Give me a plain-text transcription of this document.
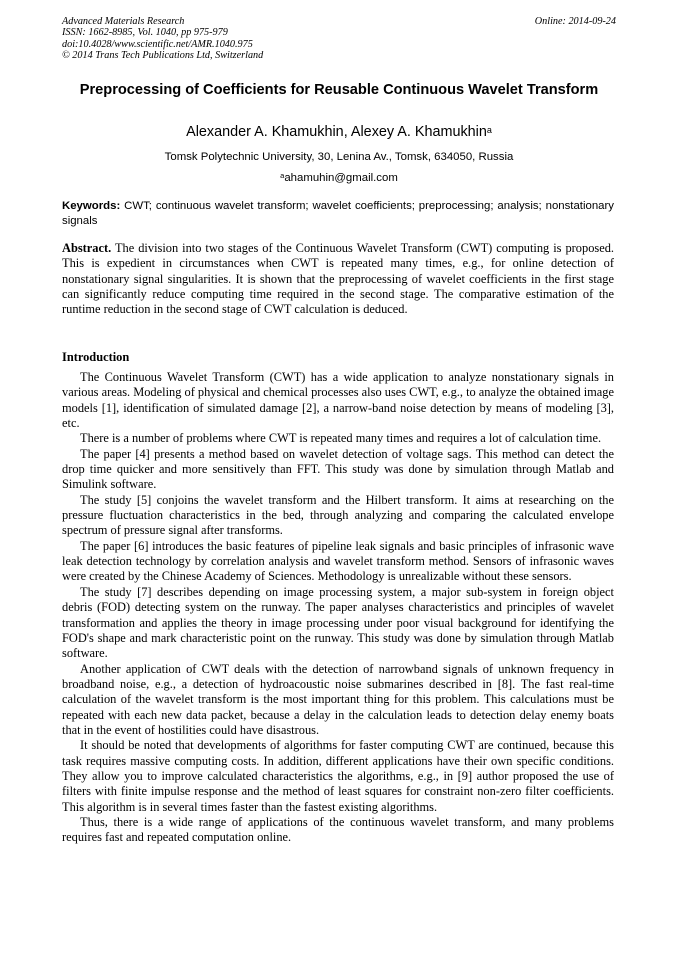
Advanced Materials Research
ISSN: 1662-8985, Vol. 1040, pp 975-979
doi:10.4028/www.scientific.net/AMR.1040.975
© 2014 Trans Tech Publications Ltd, Switzerland
Online: 2014-09-24
Preprocessing of Coefficients for Reusable Continuous Wavelet Transform
Alexander A. Khamukhin, Alexey A. Khamukhin$^a$
Tomsk Polytechnic University, 30, Lenina Av., Tomsk, 634050, Russia
$^a$ahamuhin@gmail.com
Keywords: CWT; continuous wavelet transform; wavelet coefficients; preprocessing; analysis; nonstationary signals
Abstract. The division into two stages of the Continuous Wavelet Transform (CWT) computing is proposed. This is expedient in circumstances when CWT is repeated many times, e.g., for online detection of nonstationary signal singularities. It is shown that the preprocessing of wavelet coefficients in the first stage can significantly reduce computing time required in the second stage. The comparative estimation of the runtime reduction in the second stage of CWT calculation is deduced.
Introduction

The Continuous Wavelet Transform (CWT) has a wide application to analyze nonstationary signals in various areas. Modeling of physical and chemical processes also uses CWT, e.g., to analyze the obtained image models [1], identification of simulated damage [2], a narrow-band noise detection by means of modeling [3], etc.

There is a number of problems where CWT is repeated many times and requires a lot of calculation time.

The paper [4] presents a method based on wavelet detection of voltage sags. This method can detect the drop time quicker and more sensitively than FFT. This study was done by simulation through Matlab and Simulink software.

The study [5] conjoins the wavelet transform and the Hilbert transform. It aims at researching on the pressure fluctuation characteristics in the bed, through analyzing and comparing the calculated envelope spectrum of pressure signal after transforms.

The paper [6] introduces the basic features of pipeline leak signals and basic principles of infrasonic wave leak detection technology by correlation analysis and wavelet transform method. Sensors of infrasonic waves were created by the Chinese Academy of Sciences. Methodology is unrealizable without these sensors.

The study [7] describes depending on image processing system, a major sub-system in foreign object debris (FOD) detecting system on the runway. The paper analyses characteristics and principles of wavelet transformation and applies the theory in image processing under poor visual background for identifying the FOD's shape and mark characteristic point on the runway. This study was done by simulation through Matlab software.

Another application of CWT deals with the detection of narrowband signals of unknown frequency in broadband noise, e.g., a detection of hydroacoustic noise submarines described in [8]. The fast real-time calculation of the wavelet transform is the most important thing for this problem. This calculations must be repeated with each new data packet, because a delay in the calculation leads to detection delay enemy boats that in the event of hostilities could have disastrous.

It should be noted that developments of algorithms for faster computing CWT are continued, because this task requires massive computing costs. In addition, different applications have their own specific conditions. They allow you to improve calculated characteristics the algorithms, e.g., in [9] author proposed the use of filters with finite impulse response and the method of least squares for constraint non-zero filter coefficients. This algorithm is in several times faster than the fastest existing algorithms.

Thus, there is a wide range of applications of the continuous wavelet transform, and many problems requires fast and repeated computation online.
